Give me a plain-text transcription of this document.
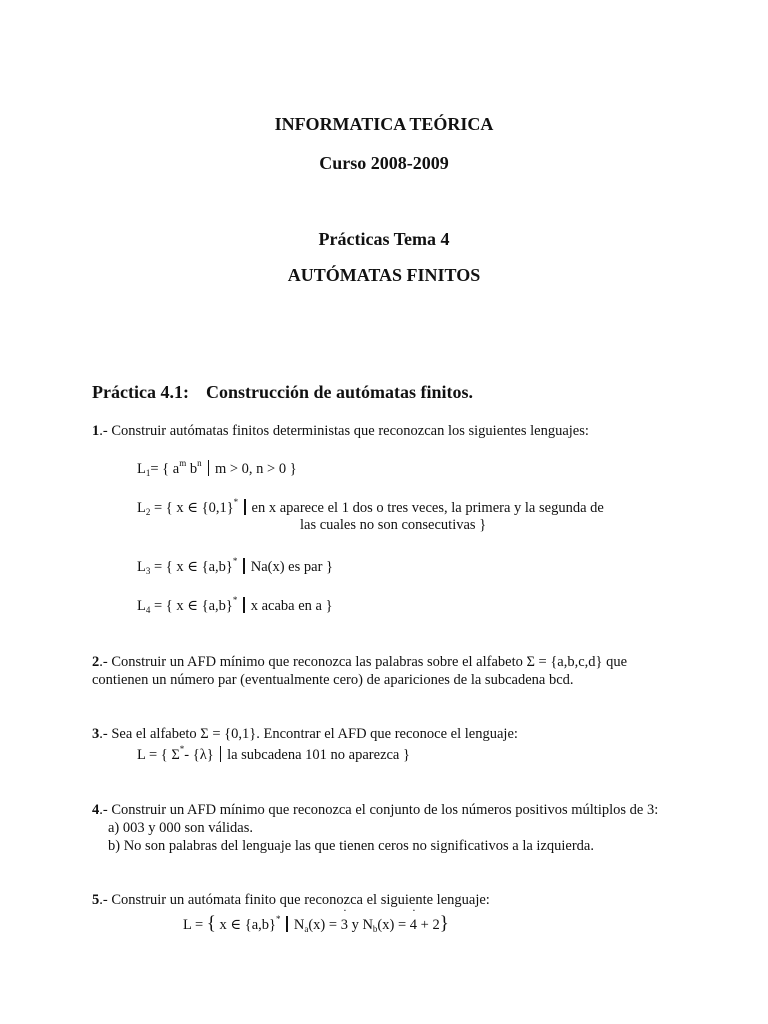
INFORMATICA TEÓRICA
Curso 2008-2009
Prácticas Tema 4
AUTÓMATAS FINITOS
Práctica 4.1: Construcción de autómatas finitos.
1.- Construir autómatas finitos deterministas que reconozcan los siguientes lenguajes:
$L_1=$ { $a^m$ $b^n$ m > 0, n > 0 }
$L_2$ = { x ∈ {0,1}* en x aparece el 1 dos o tres veces, la primera y la segunda de
las cuales no son consecutivas }
$L_3$ = { x ∈ {a,b}* Na(x) es par }
$L_4$ = { x ∈ {a,b}* x acaba en a }
2.- Construir un AFD mínimo que reconozca las palabras sobre el alfabeto Σ = {a,b,c,d} que
contienen un número par (eventualmente cero) de apariciones de la subcadena bcd.
3.- Sea el alfabeto Σ = {0,1}. Encontrar el AFD que reconoce el lenguaje:
L = { Σ*- {λ} la subcadena 101 no aparezca }
4.- Construir un AFD mínimo que reconozca el conjunto de los números positivos múltiplos de 3:
a) 003 y 000 son válidas.
b) No son palabras del lenguaje las que tienen ceros no significativos a la izquierda.
5.- Construir un autómata finito que reconozca el siguiente lenguaje:
L = { x ∈ {a,b}* $N_a(x)$ = ˙ 3 y $N_b(x)$ = ˙ 4 + 2}
